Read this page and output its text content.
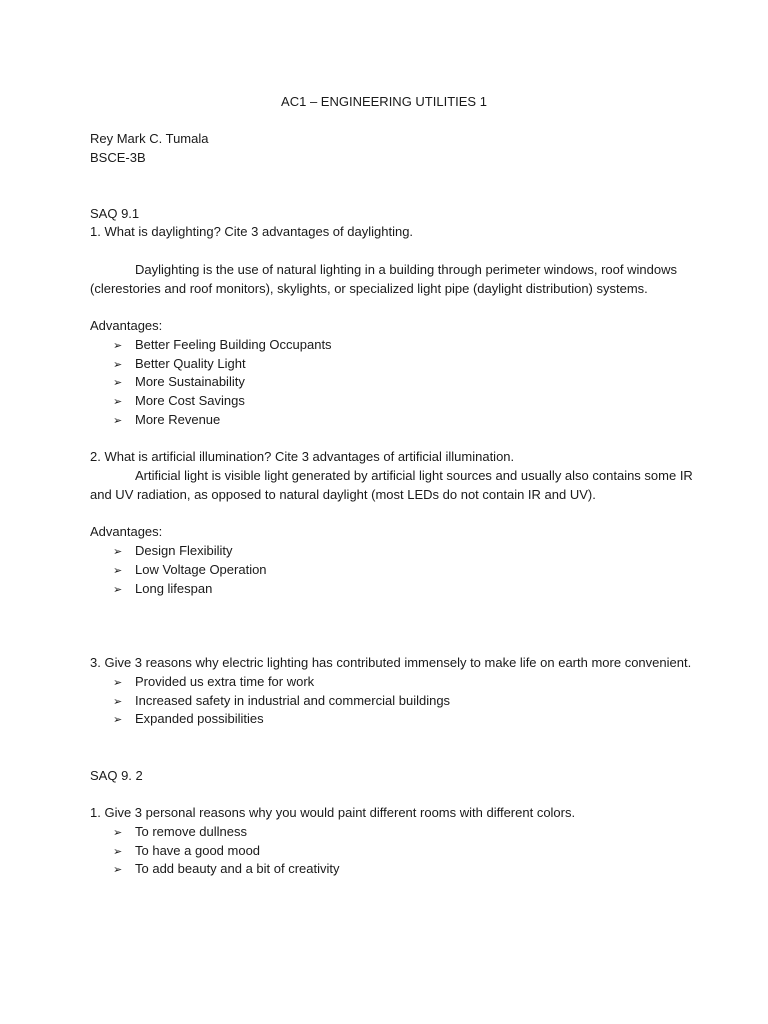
AC1 – ENGINEERING UTILITIES 1
Rey Mark C. Tumala
BSCE-3B
SAQ 9.1
1. What is daylighting? Cite 3 advantages of daylighting.
Daylighting is the use of natural lighting in a building through perimeter windows, roof windows
(clerestories and roof monitors), skylights, or specialized light pipe (daylight distribution) systems.
Advantages:
➢ Better Feeling Building Occupants
➢ Better Quality Light
➢ More Sustainability
➢ More Cost Savings
➢ More Revenue
2. What is artificial illumination? Cite 3 advantages of artificial illumination.
Artificial light is visible light generated by artificial light sources and usually also contains some IR
and UV radiation, as opposed to natural daylight (most LEDs do not contain IR and UV).
Advantages:
➢ Design Flexibility
➢ Low Voltage Operation
➢ Long lifespan
3. Give 3 reasons why electric lighting has contributed immensely to make life on earth more convenient.
➢ Provided us extra time for work
➢ Increased safety in industrial and commercial buildings
➢ Expanded possibilities
SAQ 9. 2
1. Give 3 personal reasons why you would paint different rooms with different colors.
➢ To remove dullness
➢ To have a good mood
➢ To add beauty and a bit of creativity
